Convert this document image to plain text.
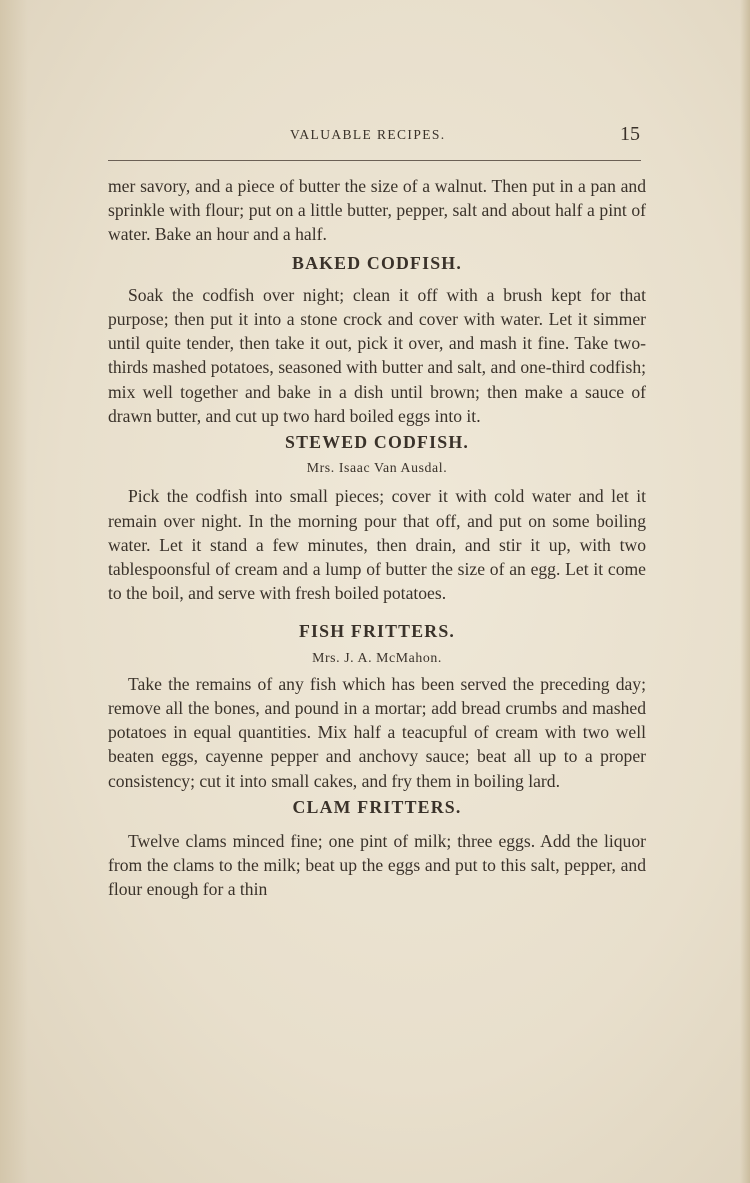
VALUABLE RECIPES.	15

mer savory, and a piece of butter the size of a walnut. Then put in a pan and sprinkle with flour; put on a little butter, pepper, salt and about half a pint of water. Bake an hour and a half.

BAKED CODFISH.

Soak the codfish over night; clean it off with a brush kept for that purpose; then put it into a stone crock and cover with water. Let it simmer until quite tender, then take it out, pick it over, and mash it fine. Take two-thirds mashed potatoes, seasoned with butter and salt, and one-third codfish; mix well together and bake in a dish until brown; then make a sauce of drawn butter, and cut up two hard boiled eggs into it.

STEWED CODFISH.

Mrs. Isaac Van Ausdal.

Pick the codfish into small pieces; cover it with cold water and let it remain over night. In the morning pour that off, and put on some boiling water. Let it stand a few minutes, then drain, and stir it up, with two tablespoonsful of cream and a lump of butter the size of an egg. Let it come to the boil, and serve with fresh boiled potatoes.

FISH FRITTERS.

Mrs. J. A. McMahon.

Take the remains of any fish which has been served the preceding day; remove all the bones, and pound in a mortar; add bread crumbs and mashed potatoes in equal quantities. Mix half a teacupful of cream with two well beaten eggs, cayenne pepper and anchovy sauce; beat all up to a proper consistency; cut it into small cakes, and fry them in boiling lard.

CLAM FRITTERS.

Twelve clams minced fine; one pint of milk; three eggs. Add the liquor from the clams to the milk; beat up the eggs and put to this salt, pepper, and flour enough for a thin
